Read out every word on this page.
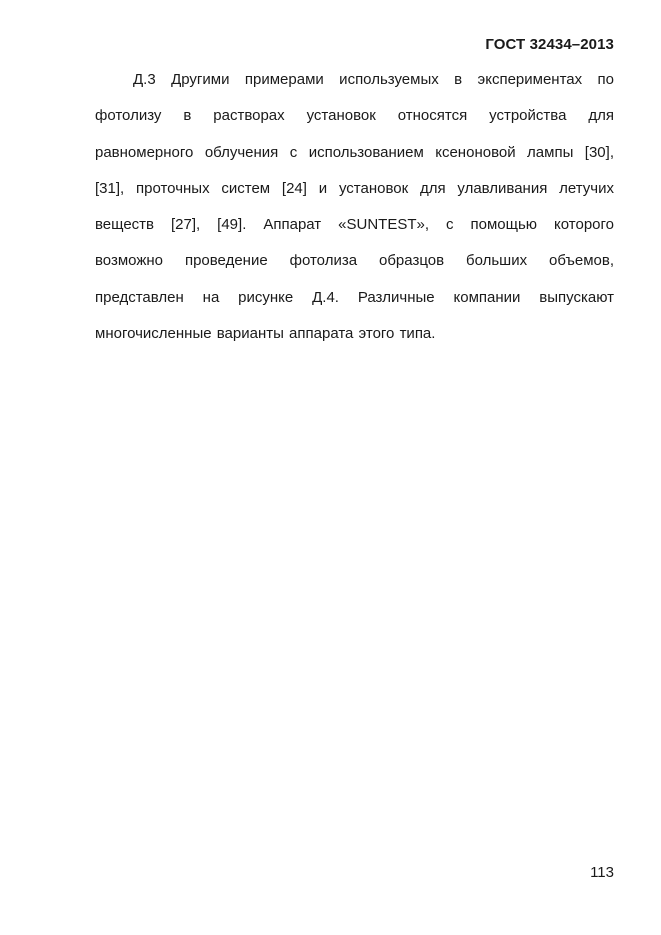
ГОСТ 32434–2013

Д.3 Другими примерами используемых в экспериментах по
фотолизу в растворах установок относятся устройства для
равномерного облучения с использованием ксеноновой лампы [30],
[31], проточных систем [24] и установок для улавливания летучих
веществ [27], [49]. Аппарат «SUNTEST», с помощью которого
возможно проведение фотолиза образцов больших объемов,
представлен на рисунке Д.4. Различные компании выпускают
многочисленные варианты аппарата этого типа.

113
